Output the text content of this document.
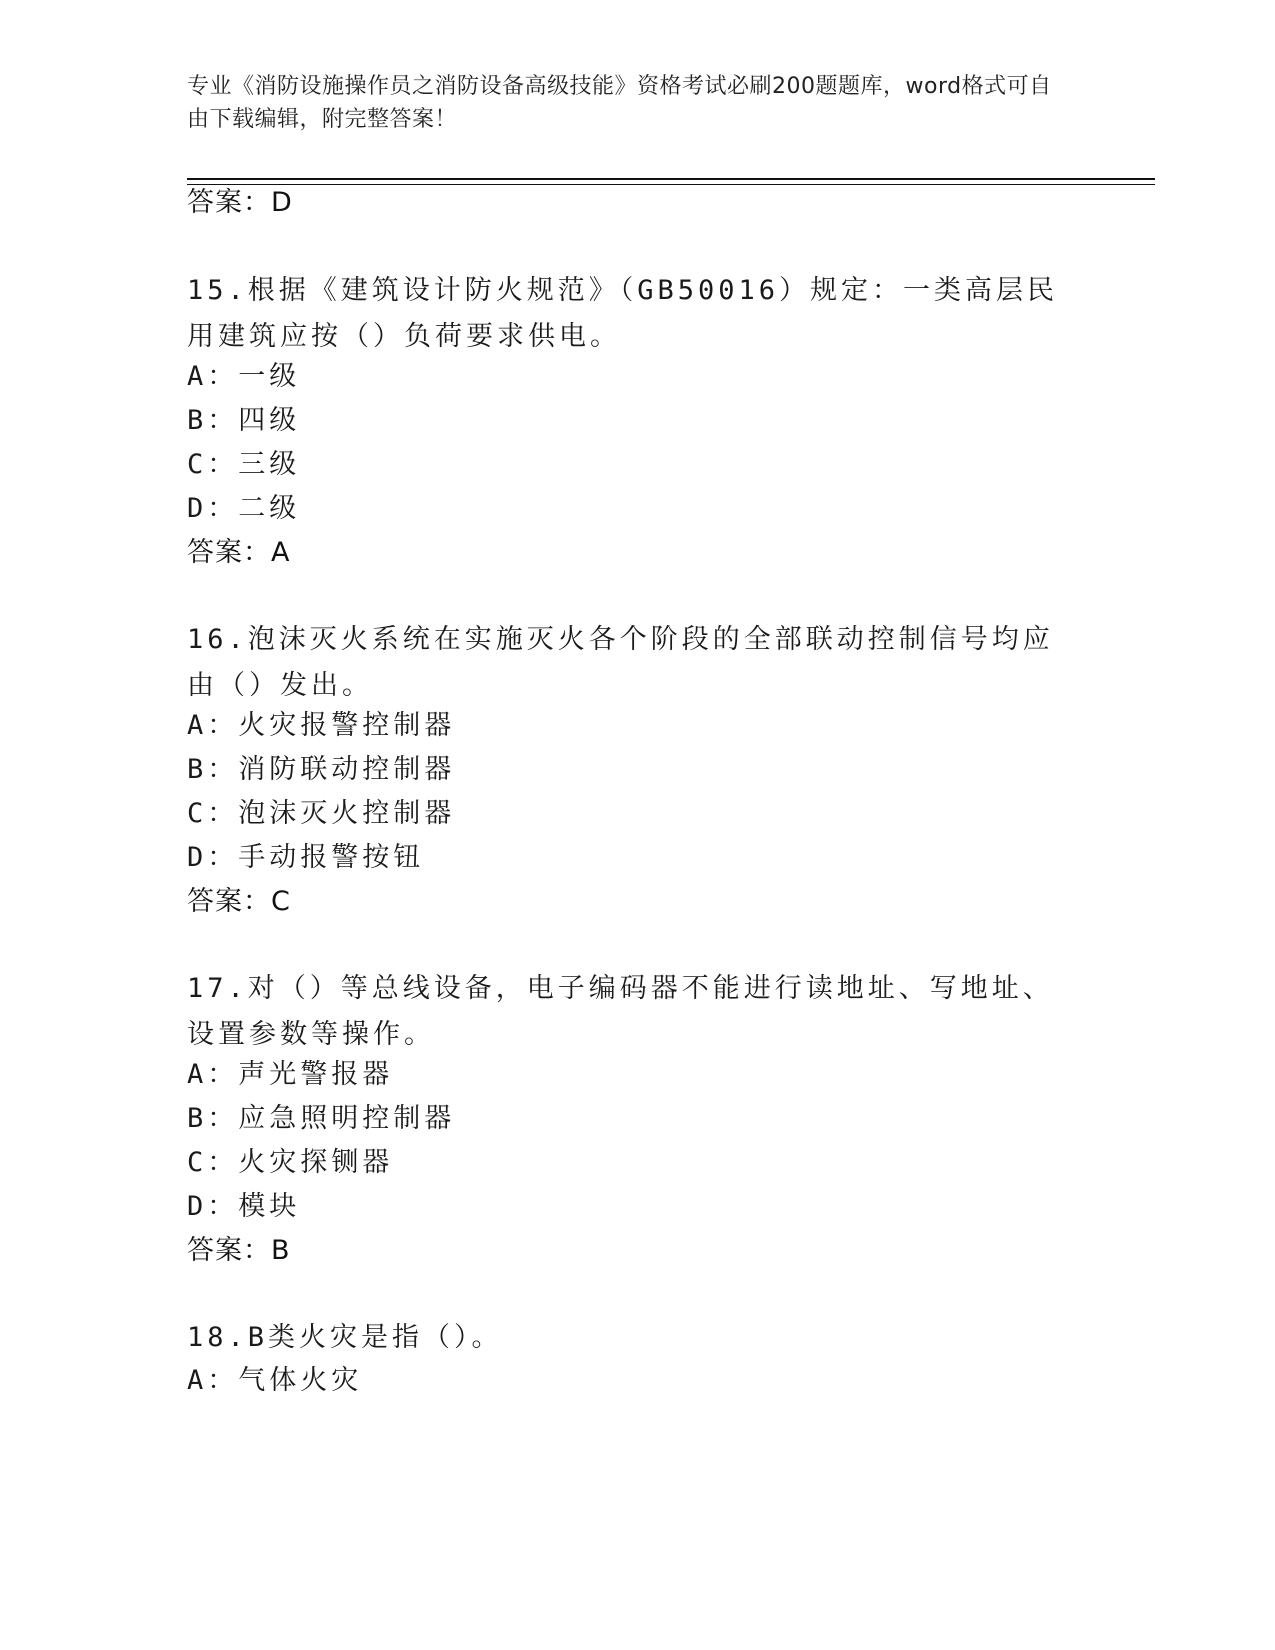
专业《消防设施操作员之消防设备高级技能》资格考试必刷200题题库，word格式可自由下载编辑，附完整答案！
答案：D
15.根据《建筑设计防火规范》（GB50016）规定：一类高层民用建筑应按（）负荷要求供电。
A：一级
B：四级
C：三级
D：二级
答案：A
16.泡沫灭火系统在实施灭火各个阶段的全部联动控制信号均应由（）发出。
A：火灾报警控制器
B：消防联动控制器
C：泡沫灭火控制器
D：手动报警按钮
答案：C
17.对（）等总线设备，电子编码器不能进行读地址、写地址、设置参数等操作。
A：声光警报器
B：应急照明控制器
C：火灾探铡器
D：模块
答案：B
18.B类火灾是指（）。
A：气体火灾
